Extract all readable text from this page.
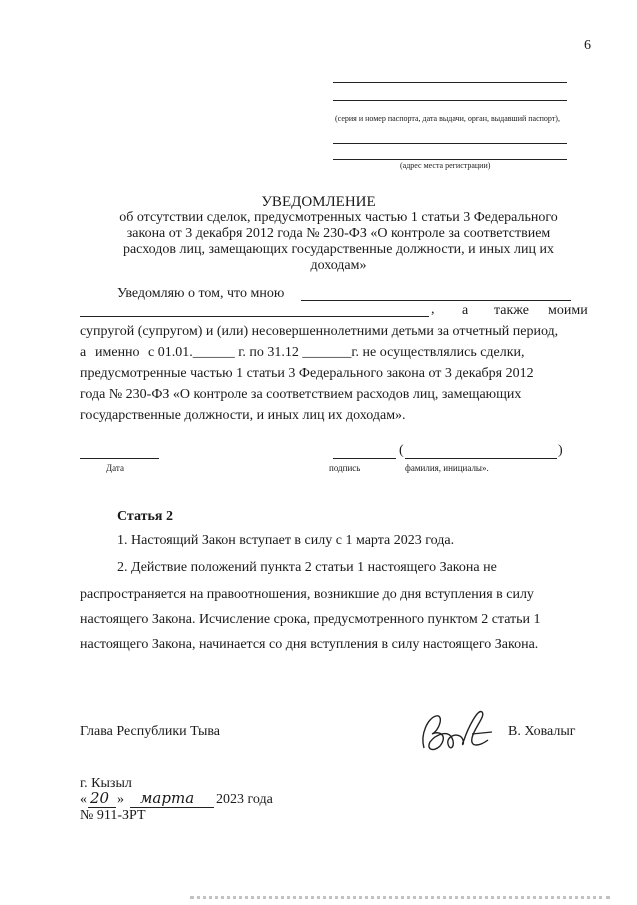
6
(серия и номер паспорта, дата выдачи, орган, выдавший паспорт),
(адрес места регистрации)
УВЕДОМЛЕНИЕ
об отсутствии сделок, предусмотренных частью 1 статьи 3 Федерального
закона от 3 декабря 2012 года № 230-ФЗ «О контроле за соответствием
расходов лиц, замещающих государственные должности, и иных лиц их
доходам»
Уведомляю о том, что мною
, а также моими
супругой (супругом) и (или) несовершеннолетними детьми за отчетный период,
а именно с 01.01.______ г. по 31.12 _______г. не осуществлялись сделки,
предусмотренные частью 1 статьи 3 Федерального закона от 3 декабря 2012
года № 230-ФЗ «О контроле за соответствием расходов лиц, замещающих
государственные должности, и иных лиц их доходам».
(	)
Дата	подпись	фамилия, инициалы».
Статья 2
1. Настоящий Закон вступает в силу с 1 марта 2023 года.
2. Действие положений пункта 2 статьи 1 настоящего Закона не
распространяется на правоотношения, возникшие до дня вступления в силу
настоящего Закона. Исчисление срока, предусмотренного пунктом 2 статьи 1
настоящего Закона, начинается со дня вступления в силу настоящего Закона.
Глава Республики Тыва	В. Ховалыг
г. Кызыл
« 20 » марта 2023 года
№ 911-ЗРТ
